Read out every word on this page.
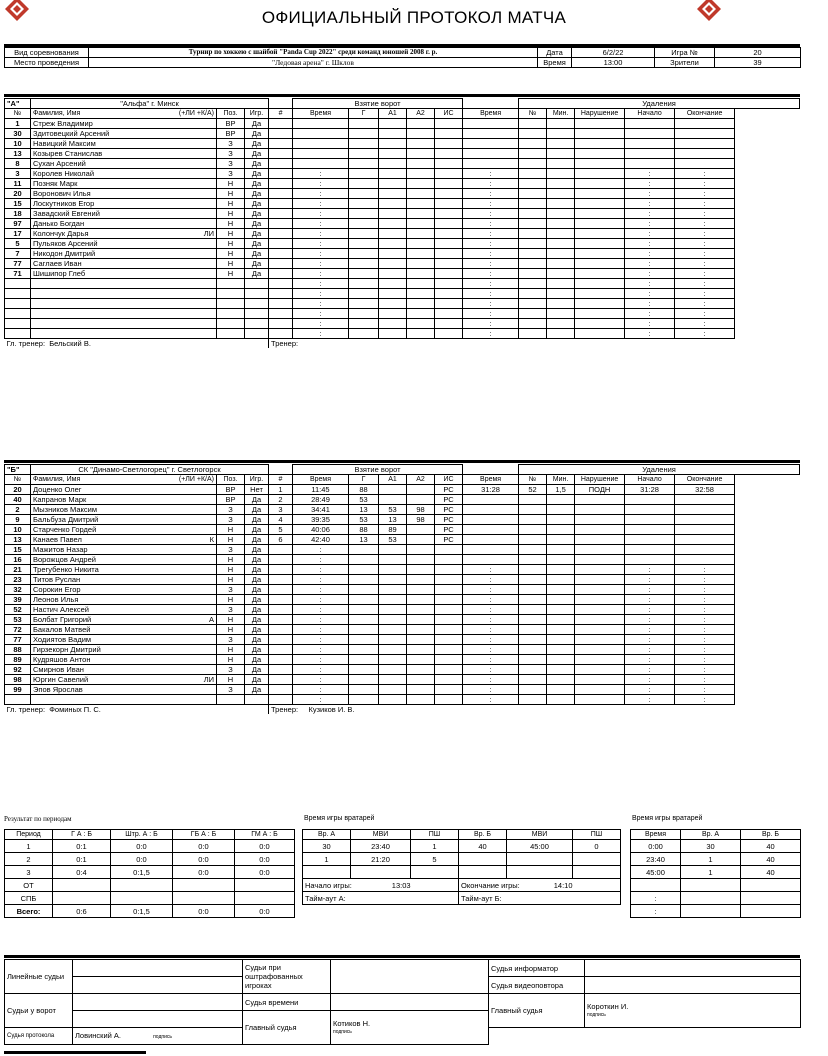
ОФИЦИАЛЬНЫЙ ПРОТОКОЛ МАТЧА
Вид соревнования	Турнир по хоккею с шайбой "Panda Cup 2022" среди команд юношей 2008 г. р.	Дата	6/2/22	Игра №	20
Место проведения	"Ледовая арена" г. Шклов	Время	13:00	Зрители	39
"А"	"Альфа" г. Минск				Взятие ворот						Удаления				
№	Фамилия, Имя (+ЛИ +К/А)	Поз.	Игр.	#	Время	Г	А1	А2	ИС	Время	№	Мин.	Нарушение	Начало	Окончание
1	Стреж Владимир	ВР	Да												
30	Здитовецкий Арсений	ВР	Да												
10	Навицкий Максим	З	Да												
13	Козырев Станислав	З	Да												
8	Сухан Арсений	З	Да												
3	Королев Николай	З	Да		:					:				:	:
11	Позняк Марк	Н	Да		:					:				:	:
20	Воронович Илья	Н	Да		:					:				:	:
15	Лоскутников Егор	Н	Да		:					:				:	:
18	Завадский Евгений	Н	Да		:					:				:	:
97	Данько Богдан	Н	Да		:					:				:	:
17	Колончук Дарья ЛИ	Н	Да		:					:				:	:
5	Пульяков Арсений	Н	Да		:					:				:	:
7	Никодон Дмитрий	Н	Да		:					:				:	:
77	Саглаев Иван	Н	Да		:					:				:	:
71	Шишипор Глеб	Н	Да		:					:				:	:

				:					:				:	:

				:					:				:	:

				:					:				:	:

				:					:				:	:

				:					:				:	:

				:					:				:	:
Гл. тренер: Бельский В.				Тренер:											
"Б"	СК "Динамо-Светлогорец" г. Светлогорск				Взятие ворот						Удаления				
№	Фамилия, Имя (+ЛИ +К/А)	Поз.	Игр.	#	Время	Г	А1	А2	ИС	Время	№	Мин.	Нарушение	Начало	Окончание
20	Доценко Олег	ВР	Нет	1	11:45	88			РС	31:28	52	1,5	ПОДН	31:28	32:58
40	Капранов Марк	ВР	Да	2	28:49	53			РС						
2	Мызников Максим	З	Да	3	34:41	13	53	98	РС						
9	Бальбуза Дмитрий	З	Да	4	39:35	53	13	98	РС						
10	Старченко Гордей	Н	Да	5	40:06	88	89		РС						
13	Канаев Павел К	Н	Да	6	42:40	13	53		РС						
15	Мажитов Назар	З	Да		:										
16	Ворожцов Андрей	Н	Да		:										
21	Трегубенко Никита	Н	Да		:					:				:	:
23	Титов Руслан	Н	Да		:					:				:	:
32	Сорокин Егор	З	Да		:					:				:	:
39	Леонов Илья	Н	Да		:					:				:	:
52	Настич Алексей	З	Да		:					:				:	:
53	Болбат Григорий А	Н	Да		:					:				:	:
72	Бакалов Матвей	Н	Да		:					:				:	:
77	Ходиятов Вадим	З	Да		:					:				:	:
88	Гирзекорн Дмитрий	Н	Да		:					:				:	:
89	Кудряшов Антон	Н	Да		:					:				:	:
92	Смирнов Иван	З	Да		:					:				:	:
98	Юргин Савелий ЛИ	Н	Да		:					:				:	:
99	Эпов Ярослав	З	Да		:					:				:	:

				:					:				:	:
Гл. тренер: Фоминых П. С.				Тренер: Кузиков И. В.											
Результат по периодам
Период	Г А : Б	Штр. А : Б	ГБ А : Б	ГМ А : Б
1	0:1	0:0	0:0	0:0
2	0:1	0:0	0:0	0:0
3	0:4	0:1,5	0:0	0:0
ОТ				
СПБ				
Всего:	0:6	0:1,5	0:0	0:0
Время игры вратарей
Вр. А	МВИ	ПШ	Вр. Б	МВИ	ПШ
30	23:40	1	40	45:00	0
1	21:20	5			

Начало игры: 13:03			Окончание игры: 14:10		
Тайм-аут А:			Тайм-аут Б:		

Время игры вратарей
Время	Вр. А	Вр. Б
0:00	30	40
23:40	1	40
45:00	1	40

:		
:		
Линейные судьи		Судьи при оштрафованных игроках		Судья информатор	
				Судья видеоповтора	
Судьи у ворот		Судья времени		Главный судья	Короткин И.
подпись

		Главный судья	Котиков Н.
подпись		

Судья протокола	Ловинский А. подпись				
